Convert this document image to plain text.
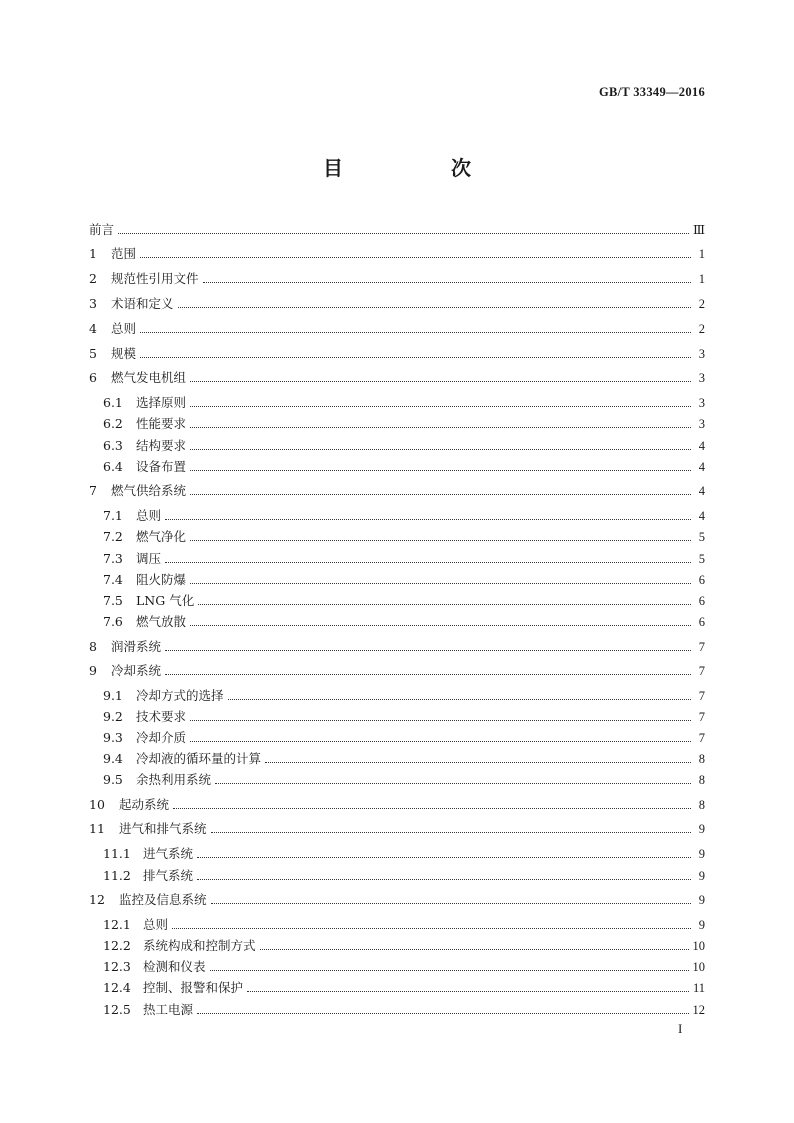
GB/T 33349—2016
目　次
前言	Ⅲ
1	范围	1
2	规范性引用文件	1
3	术语和定义	2
4	总则	2
5	规模	3
6	燃气发电机组	3
6.1	选择原则	3
6.2	性能要求	3
6.3	结构要求	4
6.4	设备布置	4
7	燃气供给系统	4
7.1	总则	4
7.2	燃气净化	5
7.3	调压	5
7.4	阻火防爆	6
7.5	LNG 气化	6
7.6	燃气放散	6
8	润滑系统	7
9	冷却系统	7
9.1	冷却方式的选择	7
9.2	技术要求	7
9.3	冷却介质	7
9.4	冷却液的循环量的计算	8
9.5	余热利用系统	8
10	起动系统	8
11	进气和排气系统	9
11.1 进气系统	9
11.2 排气系统	9
12	监控及信息系统	9
12.1 总则	9
12.2 系统构成和控制方式	10
12.3 检测和仪表	10
12.4 控制、报警和保护	11
12.5 热工电源	12
I
